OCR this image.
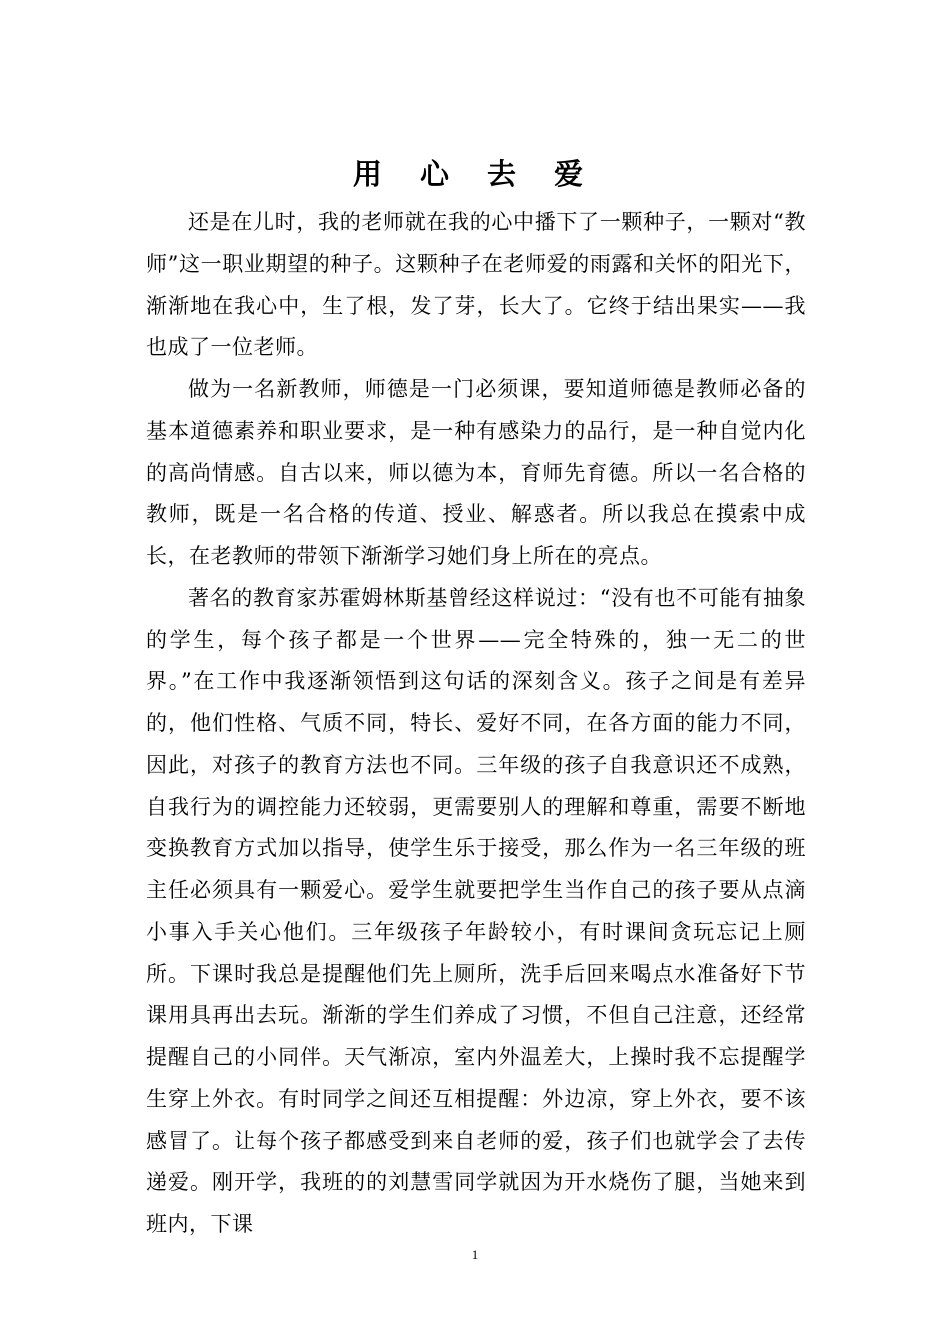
用 心 去 爱

还是在儿时，我的老师就在我的心中播下了一颗种子，一颗对“教师”这一职业期望的种子。这颗种子在老师爱的雨露和关怀的阳光下，渐渐地在我心中，生了根，发了芽，长大了。它终于结出果实——我也成了一位老师。

做为一名新教师，师德是一门必须课，要知道师德是教师必备的基本道德素养和职业要求，是一种有感染力的品行，是一种自觉内化的高尚情感。自古以来，师以德为本，育师先育德。所以一名合格的教师，既是一名合格的传道、授业、解惑者。所以我总在摸索中成长，在老教师的带领下渐渐学习她们身上所在的亮点。

著名的教育家苏霍姆林斯基曾经这样说过：“没有也不可能有抽象的学生，每个孩子都是一个世界——完全特殊的，独一无二的世界。”在工作中我逐渐领悟到这句话的深刻含义。孩子之间是有差异的，他们性格、气质不同，特长、爱好不同，在各方面的能力不同，因此，对孩子的教育方法也不同。三年级的孩子自我意识还不成熟，自我行为的调控能力还较弱，更需要别人的理解和尊重，需要不断地变换教育方式加以指导，使学生乐于接受，那么作为一名三年级的班主任必须具有一颗爱心。爱学生就要把学生当作自己的孩子要从点滴小事入手关心他们。三年级孩子年龄较小，有时课间贪玩忘记上厕所。下课时我总是提醒他们先上厕所，洗手后回来喝点水准备好下节课用具再出去玩。渐渐的学生们养成了习惯，不但自己注意，还经常提醒自己的小同伴。天气渐凉，室内外温差大，上操时我不忘提醒学生穿上外衣。有时同学之间还互相提醒：外边凉，穿上外衣，要不该感冒了。让每个孩子都感受到来自老师的爱，孩子们也就学会了去传递爱。刚开学，我班的的刘慧雪同学就因为开水烧伤了腿，当她来到班内，下课

1
